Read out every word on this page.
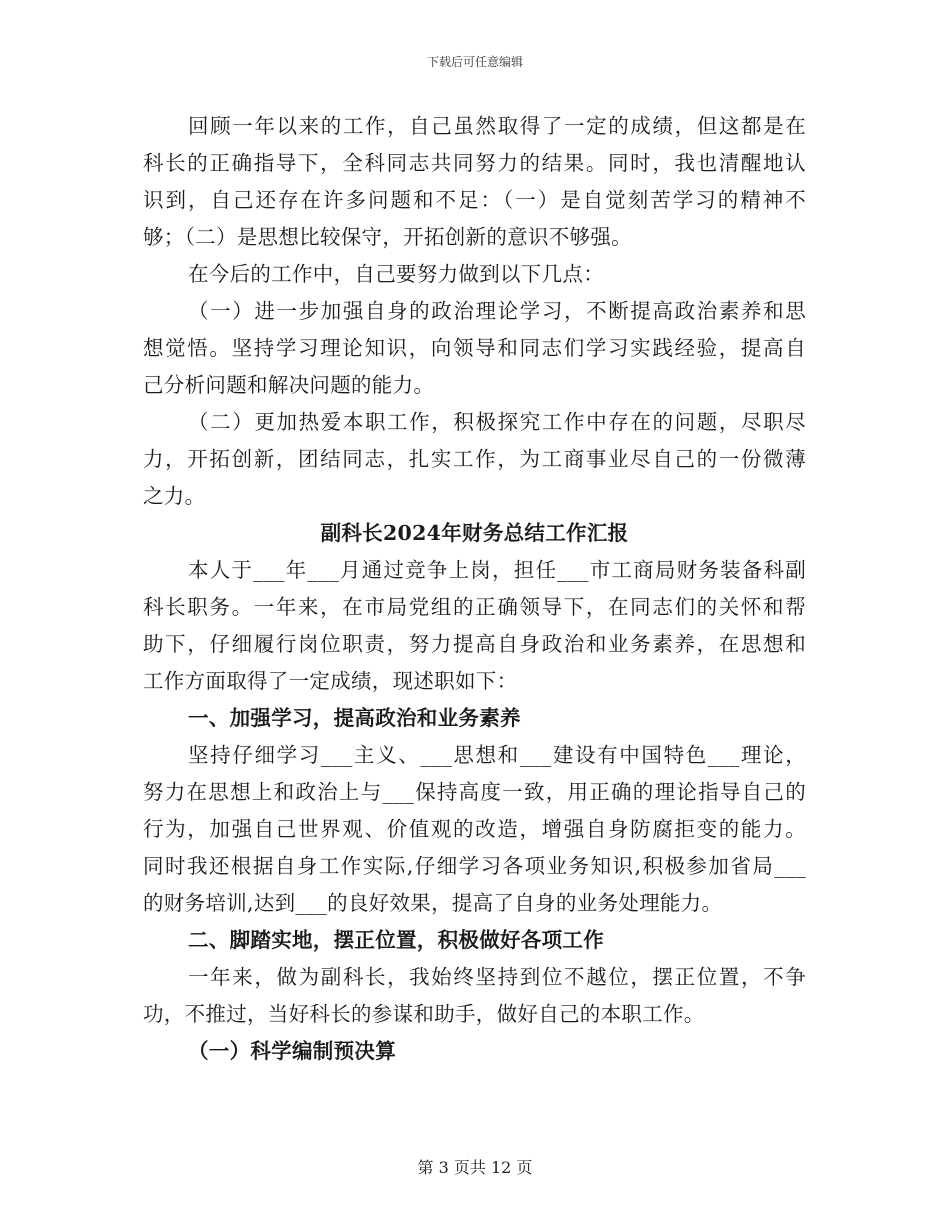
下载后可任意编辑
回顾一年以来的工作，自己虽然取得了一定的成绩，但这都是在
科长的正确指导下，全科同志共同努力的结果。同时，我也清醒地认
识到，自己还存在许多问题和不足：（一）是自觉刻苦学习的精神不
够；（二）是思想比较保守，开拓创新的意识不够强。
在今后的工作中，自己要努力做到以下几点：
（一）进一步加强自身的政治理论学习，不断提高政治素养和思
想觉悟。坚持学习理论知识，向领导和同志们学习实践经验，提高自
己分析问题和解决问题的能力。
（二）更加热爱本职工作，积极探究工作中存在的问题，尽职尽
力，开拓创新，团结同志，扎实工作，为工商事业尽自己的一份微薄
之力。
副科长2024年财务总结工作汇报
本人于___年___月通过竞争上岗，担任___市工商局财务装备科副
科长职务。一年来，在市局党组的正确领导下，在同志们的关怀和帮
助下，仔细履行岗位职责，努力提高自身政治和业务素养，在思想和
工作方面取得了一定成绩，现述职如下：
一、加强学习，提高政治和业务素养
坚持仔细学习___主义、___思想和___建设有中国特色___理论，
努力在思想上和政治上与___保持高度一致，用正确的理论指导自己的
行为，加强自己世界观、价值观的改造，增强自身防腐拒变的能力。
同时我还根据自身工作实际,仔细学习各项业务知识,积极参加省局___
的财务培训,达到___的良好效果，提高了自身的业务处理能力。
二、脚踏实地，摆正位置，积极做好各项工作
一年来，做为副科长，我始终坚持到位不越位，摆正位置，不争
功，不推过，当好科长的参谋和助手，做好自己的本职工作。
（一）科学编制预决算
第 3 页共 12 页
